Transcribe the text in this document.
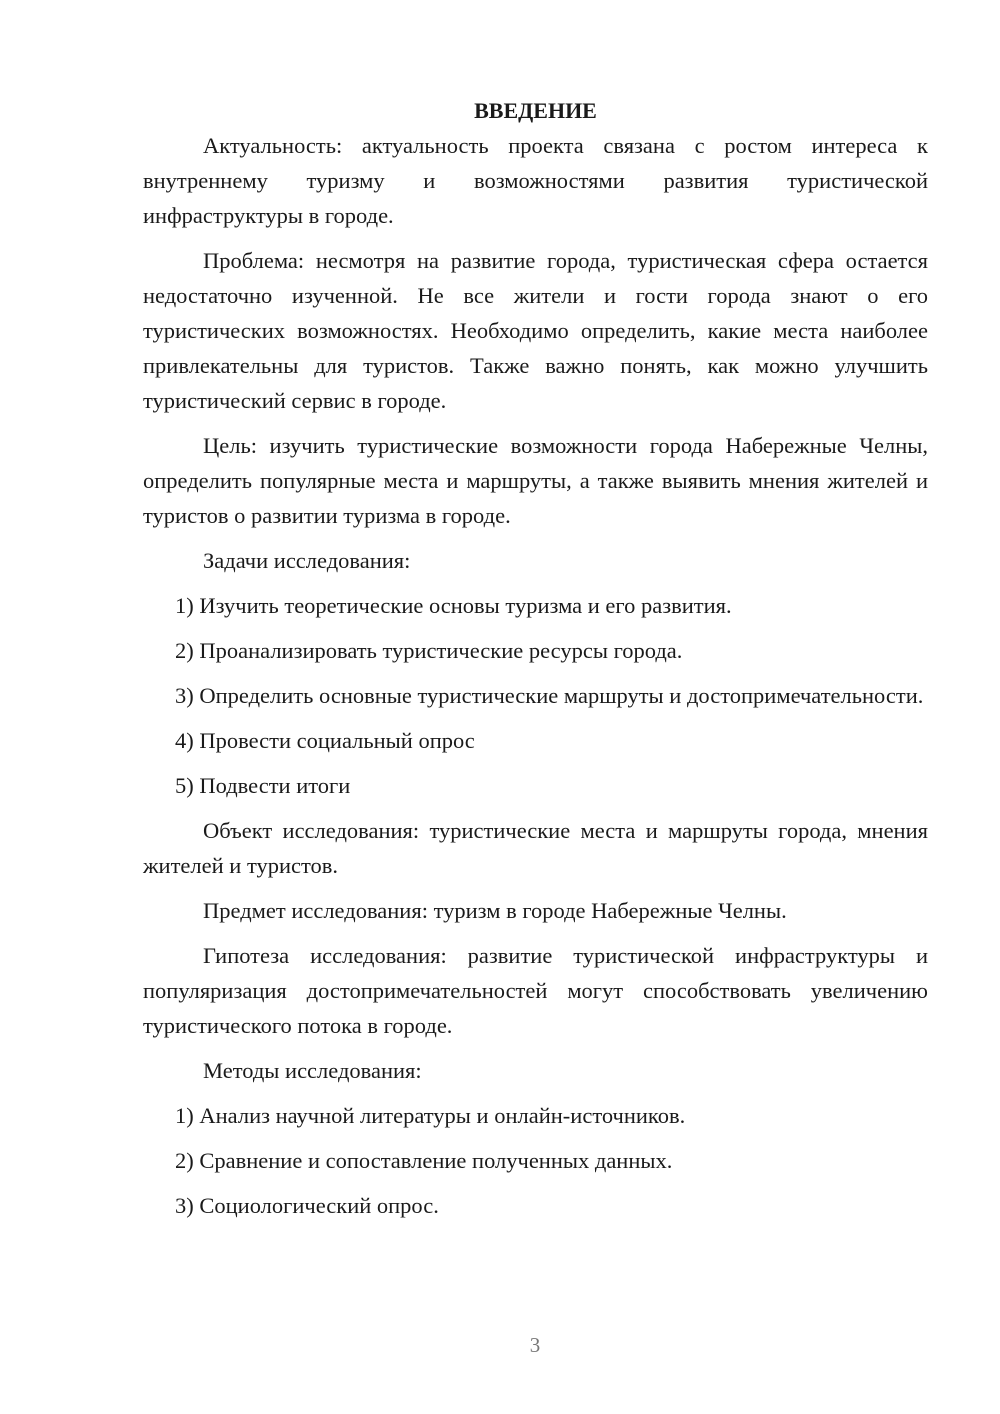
ВВЕДЕНИЕ

Актуальность: актуальность проекта связана с ростом интереса к внутреннему туризму и возможностями развития туристической инфраструктуры в городе.

Проблема: несмотря на развитие города, туристическая сфера остается недостаточно изученной. Не все жители и гости города знают о его туристических возможностях. Необходимо определить, какие места наиболее привлекательны для туристов. Также важно понять, как можно улучшить туристический сервис в городе.

Цель: изучить туристические возможности города Набережные Челны, определить популярные места и маршруты, а также выявить мнения жителей и туристов о развитии туризма в городе.

Задачи исследования:

1) Изучить теоретические основы туризма и его развития.

2) Проанализировать туристические ресурсы города.

3) Определить основные туристические маршруты и достопримечательности.

4) Провести социальный опрос

5) Подвести итоги

Объект исследования: туристические места и маршруты города, мнения жителей и туристов.

Предмет исследования: туризм в городе Набережные Челны.

Гипотеза исследования: развитие туристической инфраструктуры и популяризация достопримечательностей могут способствовать увеличению туристического потока в городе.

Методы исследования:

1) Анализ научной литературы и онлайн-источников.

2) Сравнение и сопоставление полученных данных.

3) Социологический опрос.

3
